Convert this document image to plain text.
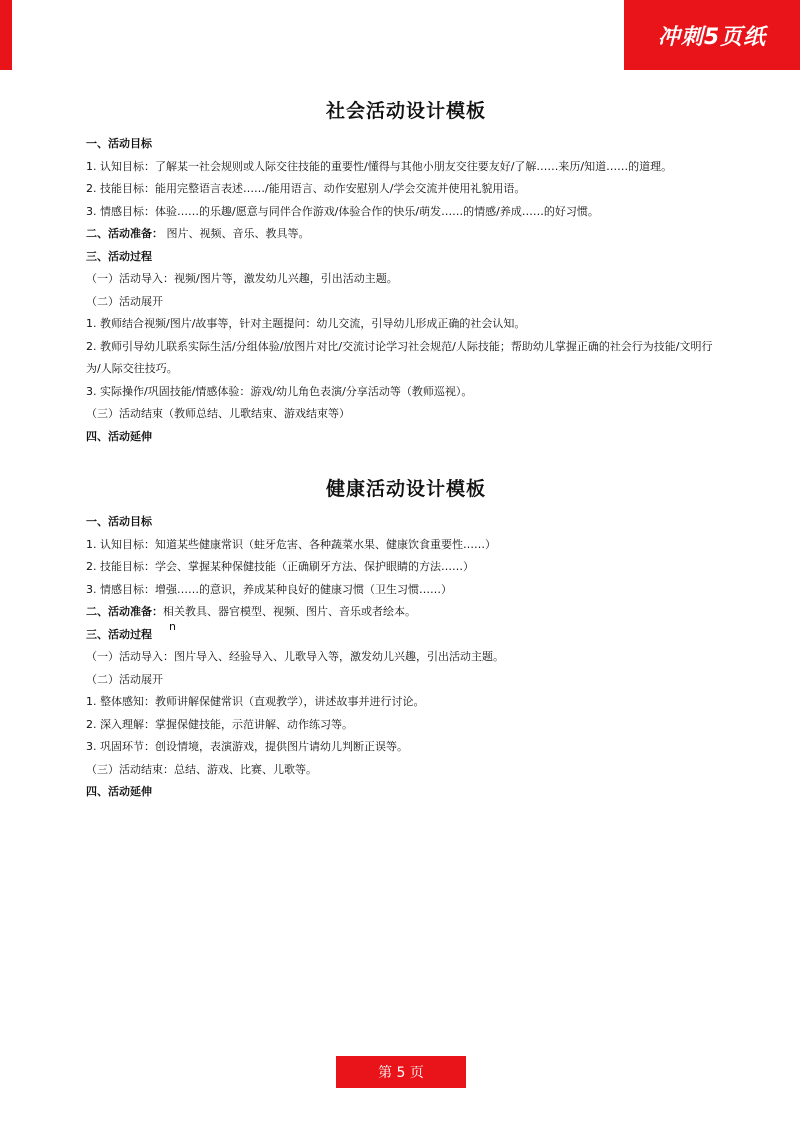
冲刺5页纸
社会活动设计模板

一、活动目标

1. 认知目标：了解某一社会规则或人际交往技能的重要性/懂得与其他小朋友交往要友好/了解……来历/知道……的道理。

2. 技能目标：能用完整语言表述……/能用语言、动作安慰别人/学会交流并使用礼貌用语。

3. 情感目标：体验……的乐趣/愿意与同伴合作游戏/体验合作的快乐/萌发……的情感/养成……的好习惯。

二、活动准备： 图片、视频、音乐、教具等。

三、活动过程

（一）活动导入：视频/图片等，激发幼儿兴趣，引出活动主题。

（二）活动展开

1. 教师结合视频/图片/故事等，针对主题提问：幼儿交流，引导幼儿形成正确的社会认知。

2. 教师引导幼儿联系实际生活/分组体验/放图片对比/交流讨论学习社会规范/人际技能；帮助幼儿掌握正确的社会行为技能/文明行为/人际交往技巧。

3. 实际操作/巩固技能/情感体验：游戏/幼儿角色表演/分享活动等（教师巡视）。

（三）活动结束（教师总结、儿歌结束、游戏结束等）

四、活动延伸

健康活动设计模板

一、活动目标

1. 认知目标：知道某些健康常识（蛀牙危害、各种蔬菜水果、健康饮食重要性……）

2. 技能目标：学会、掌握某种保健技能（正确刷牙方法、保护眼睛的方法……）

3. 情感目标：增强……的意识，养成某种良好的健康习惯（卫生习惯……）

二、活动准备：相关教具、器官模型、视频、图片、音乐或者绘本。

三、活动过程

（一）活动导入：图片导入、经验导入、儿歌导入等，激发幼儿兴趣，引出活动主题。

（二）活动展开

1. 整体感知：教师讲解保健常识（直观教学），讲述故事并进行讨论。

2. 深入理解：掌握保健技能，示范讲解、动作练习等。

3. 巩固环节：创设情境，表演游戏，提供图片请幼儿判断正误等。

（三）活动结束：总结、游戏、比赛、儿歌等。

四、活动延伸

n
第 5 页
